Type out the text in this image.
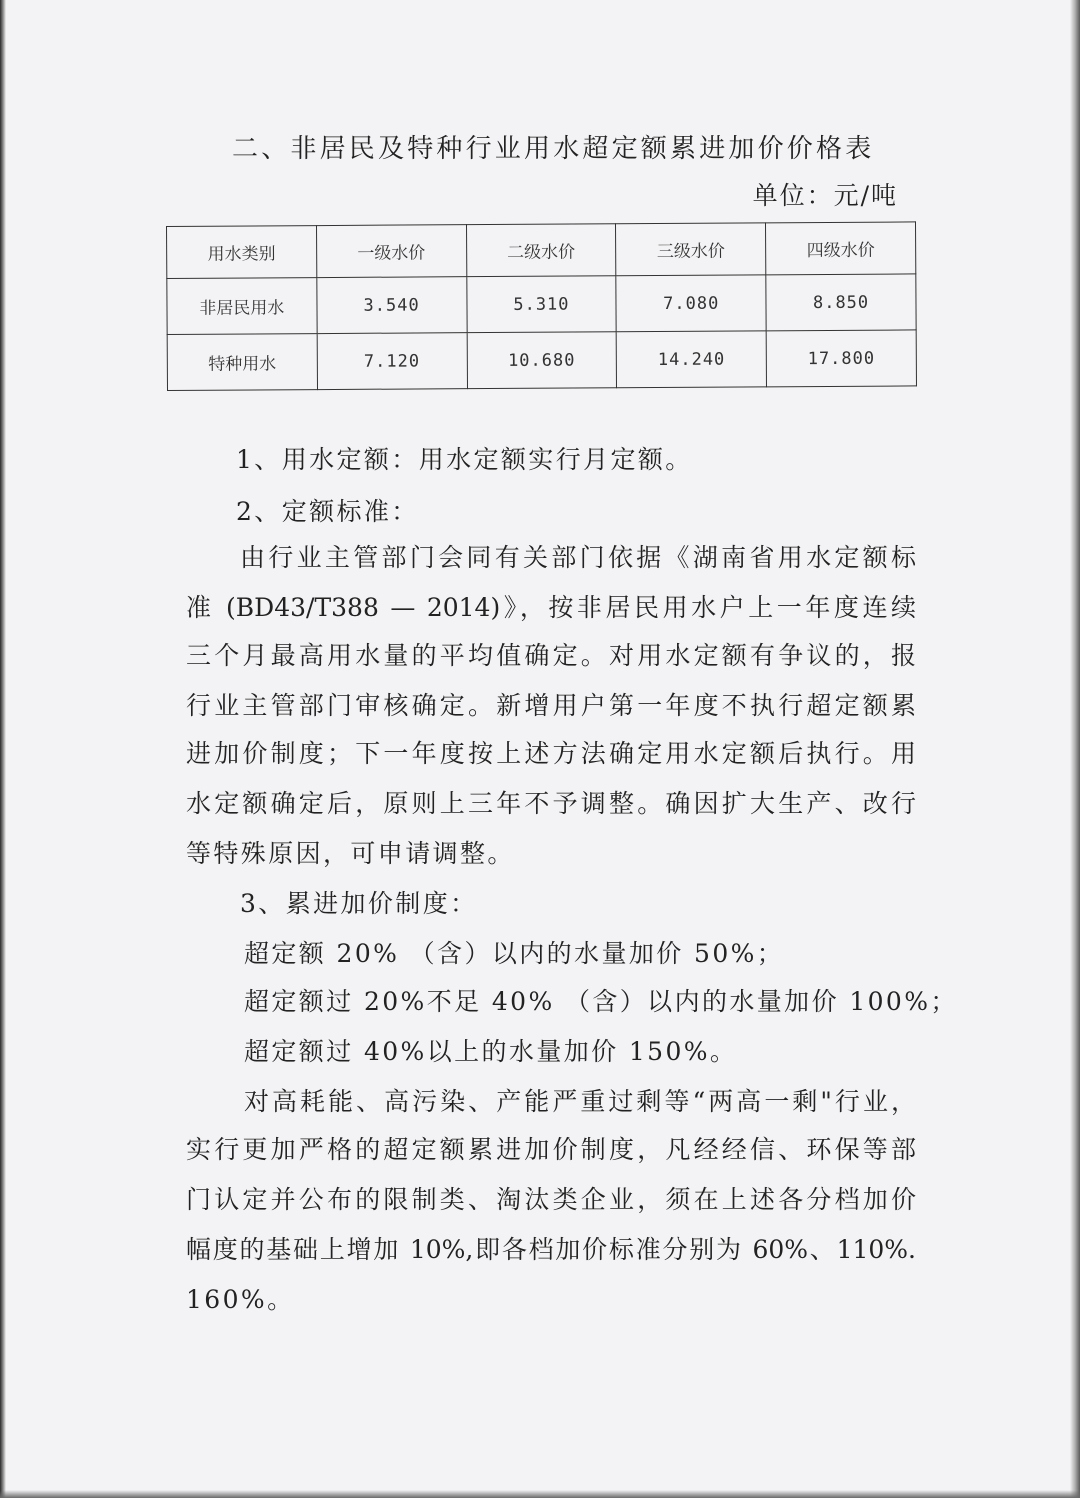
二、非居民及特种行业用水超定额累进加价价格表
单位：元/吨
用水类别	一级水价	二级水价	三级水价	四级水价
非居民用水	3.540	5.310	7.080	8.850
特种用水	7.120	10.680	14.240	17.800
1、用水定额：用水定额实行月定额。
2、定额标准：
由行业主管部门会同有关部门依据《湖南省用水定额标
准 (BD43/T388 — 2014)》，按非居民用水户上一年度连续
三个月最高用水量的平均值确定。对用水定额有争议的，报
行业主管部门审核确定。新增用户第一年度不执行超定额累
进加价制度；下一年度按上述方法确定用水定额后执行。用
水定额确定后，原则上三年不予调整。确因扩大生产、改行
等特殊原因，可申请调整。
3、累进加价制度：
超定额 20% （含）以内的水量加价 50%；
超定额过 20%不足 40% （含）以内的水量加价 100%；
超定额过 40%以上的水量加价 150%。
对高耗能、高污染、产能严重过剩等“两高一剩"行业，
实行更加严格的超定额累进加价制度，凡经经信、环保等部
门认定并公布的限制类、淘汰类企业，须在上述各分档加价
幅度的基础上增加 10%,即各档加价标准分别为 60%、110%.
160%。
